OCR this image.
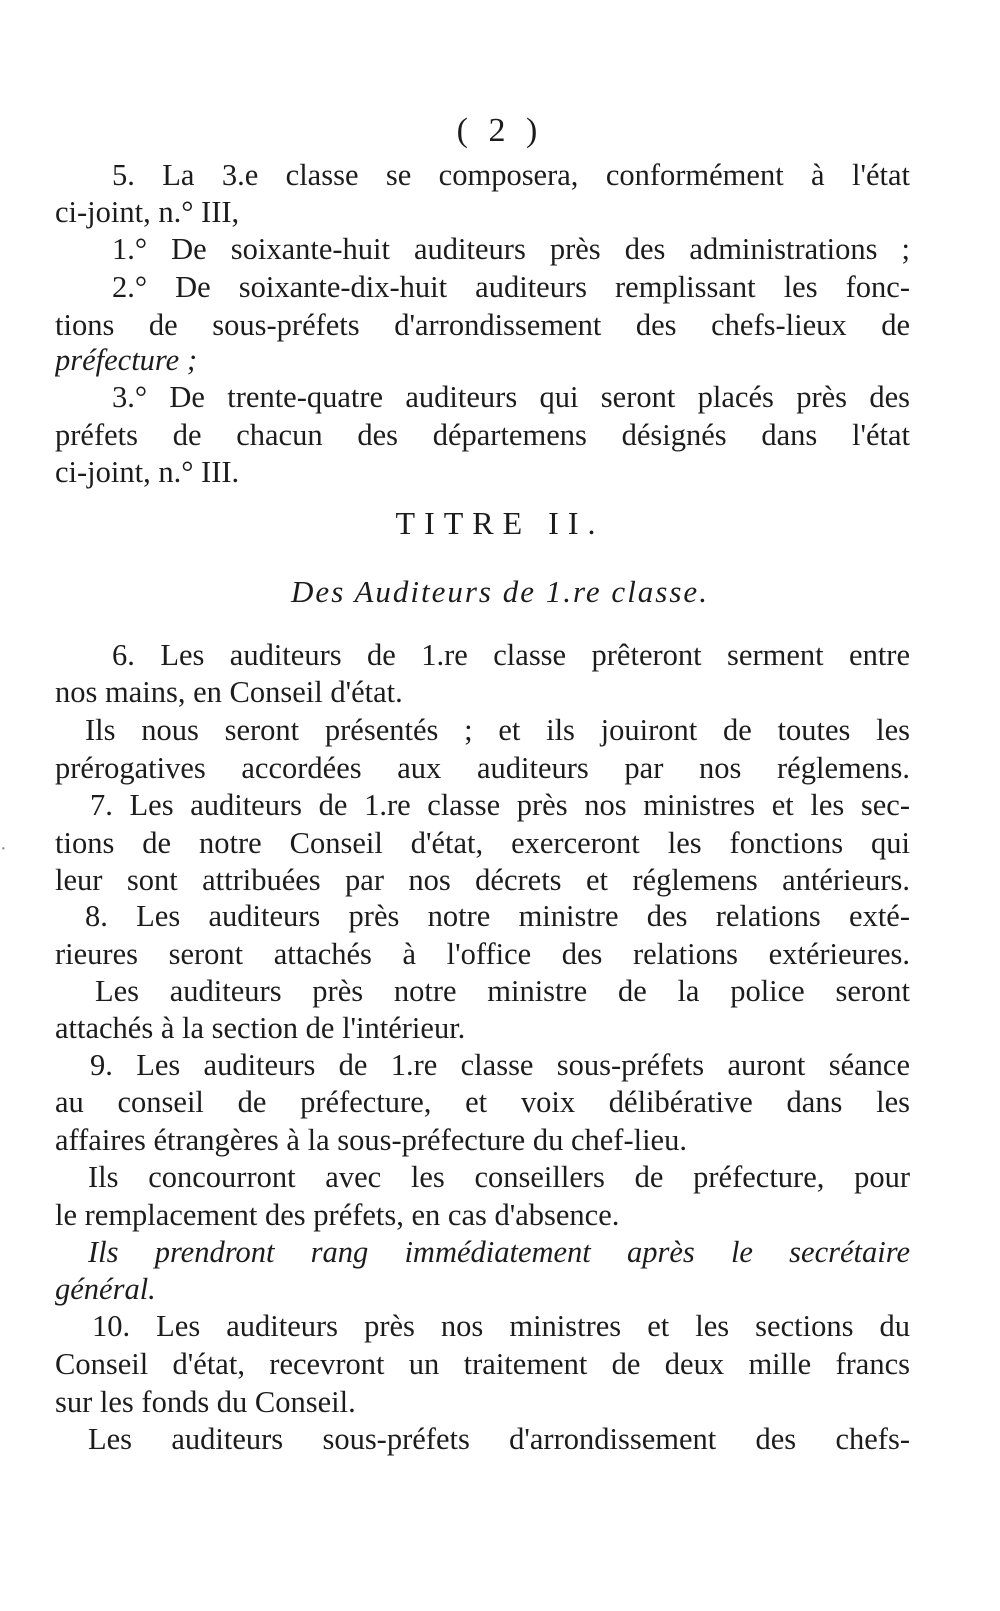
( 2 )
5. La 3.e classe se composera, conformément à l'état
ci-joint, n.° III,
1.° De soixante-huit auditeurs près des administrations ;
2.° De soixante-dix-huit auditeurs remplissant les fonc-
tions de sous-préfets d'arrondissement des chefs-lieux de
préfecture ;
3.° De trente-quatre auditeurs qui seront placés près des
préfets de chacun des départemens désignés dans l'état
ci-joint, n.° III.
TITRE II.
Des Auditeurs de 1.re classe.
6. Les auditeurs de 1.re classe prêteront serment entre
nos mains, en Conseil d'état.
Ils nous seront présentés ; et ils jouiront de toutes les
prérogatives accordées aux auditeurs par nos réglemens.
7. Les auditeurs de 1.re classe près nos ministres et les sec-
tions de notre Conseil d'état, exerceront les fonctions qui
leur sont attribuées par nos décrets et réglemens antérieurs.
8. Les auditeurs près notre ministre des relations exté-
rieures seront attachés à l'office des relations extérieures.
Les auditeurs près notre ministre de la police seront
attachés à la section de l'intérieur.
9. Les auditeurs de 1.re classe sous-préfets auront séance
au conseil de préfecture, et voix délibérative dans les
affaires étrangères à la sous-préfecture du chef-lieu.
Ils concourront avec les conseillers de préfecture, pour
le remplacement des préfets, en cas d'absence.
Ils prendront rang immédiatement après le secrétaire
général.
10. Les auditeurs près nos ministres et les sections du
Conseil d'état, recevront un traitement de deux mille francs
sur les fonds du Conseil.
Les auditeurs sous-préfets d'arrondissement des chefs-
·
